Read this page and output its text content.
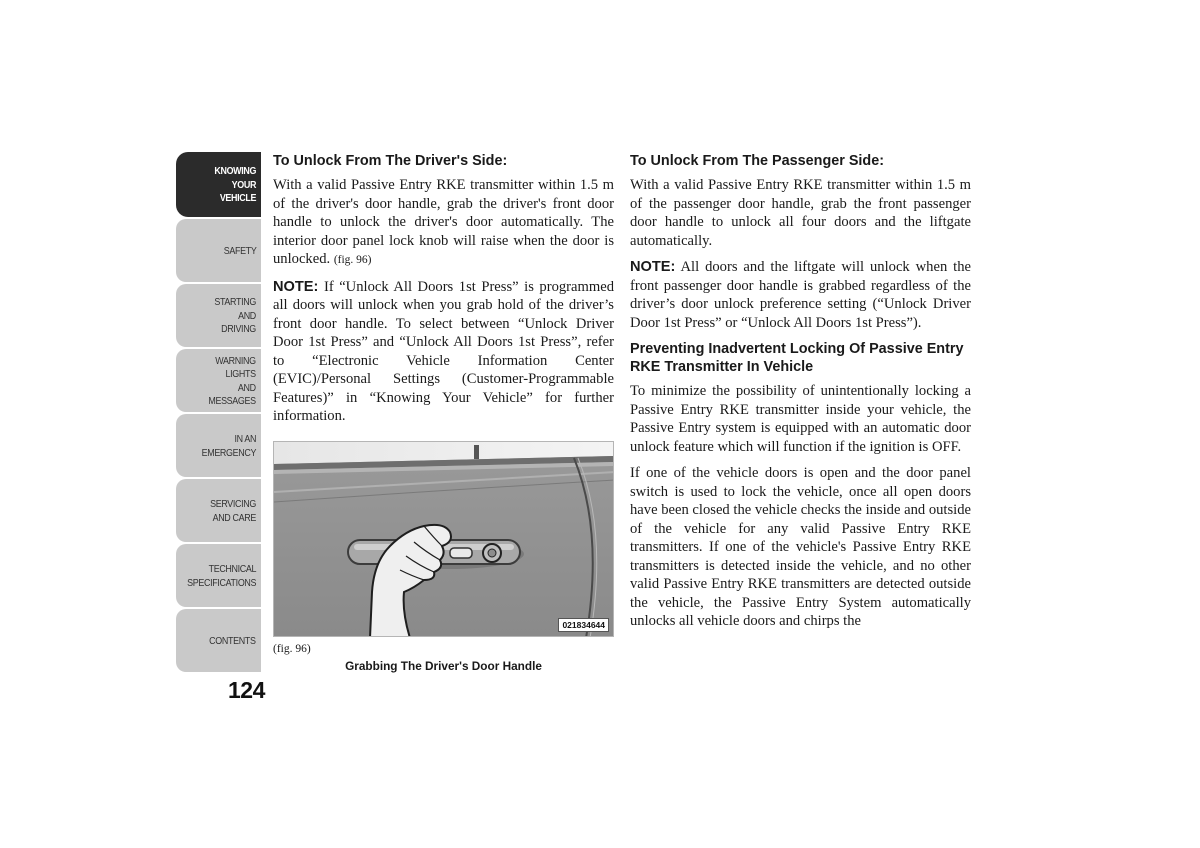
KNOWING
YOUR
VEHICLE
SAFETY
STARTING
AND
DRIVING
WARNING
LIGHTS
AND
MESSAGES
IN AN
EMERGENCY
SERVICING
AND CARE
TECHNICAL
SPECIFICATIONS
CONTENTS
124
To Unlock From The Driver's Side:

With a valid Passive Entry RKE transmitter within 1.5 m of the driver's door handle, grab the driver's front door handle to unlock the driver's door automatically. The interior door panel lock knob will raise when the door is unlocked. (fig. 96)

NOTE: If “Unlock All Doors 1st Press” is programmed all doors will unlock when you grab hold of the driver’s front door handle. To select between “Unlock Driver Door 1st Press” and “Unlock All Doors 1st Press”, refer to “Electronic Vehicle Information Center (EVIC)/Personal Settings (Customer-Programmable Features)” in “Knowing Your Vehicle” for further information.

021834644
(fig. 96)
Grabbing The Driver's Door Handle
To Unlock From The Passenger Side:

With a valid Passive Entry RKE transmitter within 1.5 m of the passenger door handle, grab the front passenger door handle to unlock all four doors and the liftgate automatically.

NOTE: All doors and the liftgate will unlock when the front passenger door handle is grabbed regardless of the driver’s door unlock preference setting (“Unlock Driver Door 1st Press” or “Unlock All Doors 1st Press”).

Preventing Inadvertent Locking Of Passive Entry RKE Transmitter In Vehicle

To minimize the possibility of unintentionally locking a Passive Entry RKE transmitter inside your vehicle, the Passive Entry system is equipped with an automatic door unlock feature which will function if the ignition is OFF.

If one of the vehicle doors is open and the door panel switch is used to lock the vehicle, once all open doors have been closed the vehicle checks the inside and outside of the vehicle for any valid Passive Entry RKE transmitters. If one of the vehicle's Passive Entry RKE transmitters is detected inside the vehicle, and no other valid Passive Entry RKE transmitters are detected outside the vehicle, the Passive Entry System automatically unlocks all vehicle doors and chirps the
